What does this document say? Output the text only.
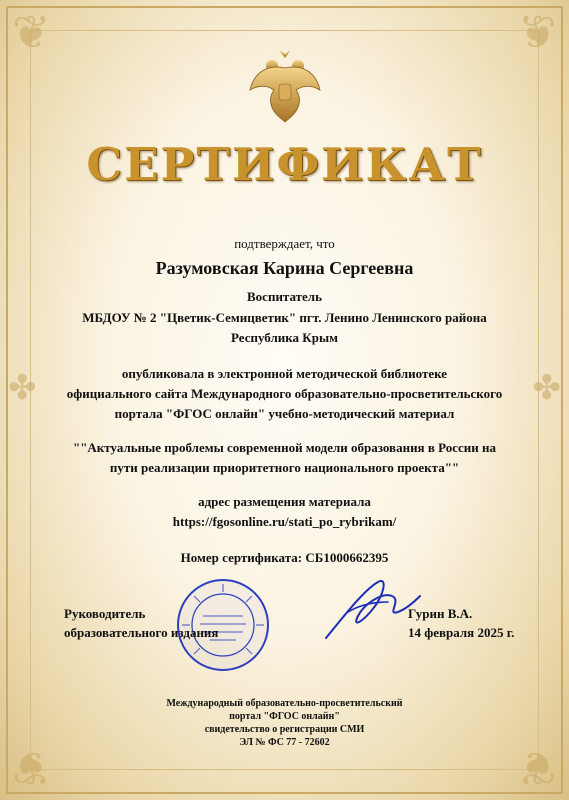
❦	❦
❦	❦
✤	✤
СЕРТИФИКАТ
подтверждает, что
Разумовская Карина Сергеевна
Воспитатель
МБДОУ № 2 "Цветик-Семицветик" пгт. Ленино Ленинского района
Республика Крым
опубликовала в электронной методической библиотеке
официального сайта Международного образовательно-просветительского
портала "ФГОС онлайн" учебно-методический материал
""Актуальные проблемы современной модели образования в России на
пути реализации приоритетного национального проекта""
адрес размещения материала
https://fgosonline.ru/stati_po_rybrikam/
Номер сертификата: СБ1000662395
Руководитель
образовательного издания
Гурин В.А.
14 февраля 2025 г.
Международный образовательно-просветительский
портал "ФГОС онлайн"
свидетельство о регистрации СМИ
ЭЛ № ФС 77 - 72602
